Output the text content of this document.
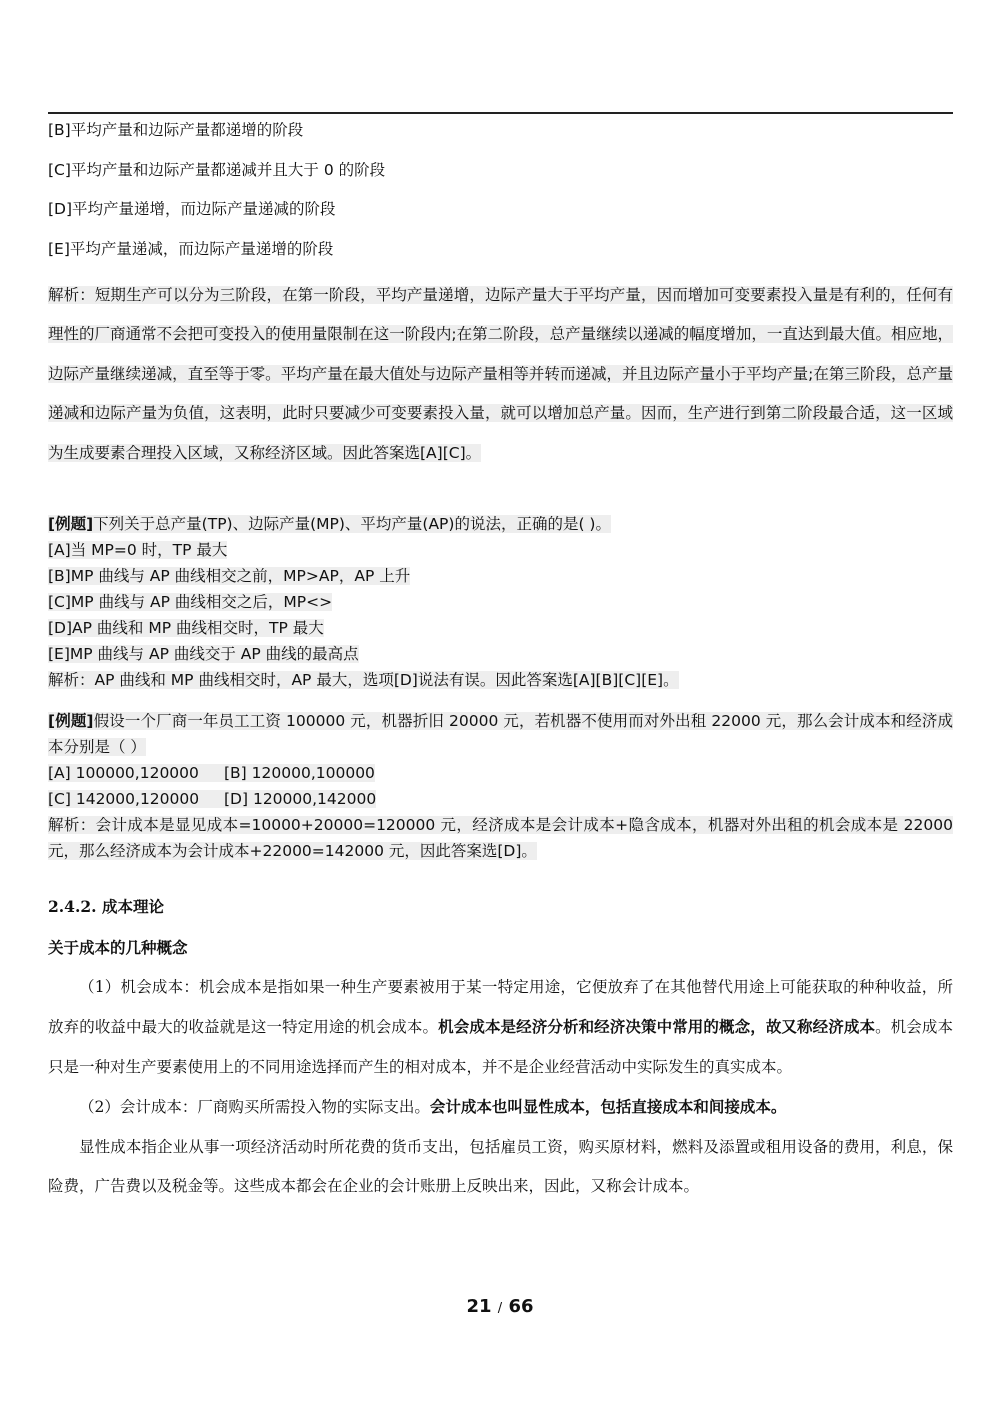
[B]平均产量和边际产量都递增的阶段
[C]平均产量和边际产量都递减并且大于 0 的阶段
[D]平均产量递增，而边际产量递减的阶段
[E]平均产量递减，而边际产量递增的阶段

解析：短期生产可以分为三阶段，在第一阶段，平均产量递增，边际产量大于平均产量，因而增加可变要素投入量是有利的，任何有理性的厂商通常不会把可变投入的使用量限制在这一阶段内;在第二阶段，总产量继续以递减的幅度增加，一直达到最大值。相应地，边际产量继续递减，直至等于零。平均产量在最大值处与边际产量相等并转而递减，并且边际产量小于平均产量;在第三阶段，总产量递减和边际产量为负值，这表明，此时只要减少可变要素投入量，就可以增加总产量。因而，生产进行到第二阶段最合适，这一区域为生成要素合理投入区域，又称经济区域。因此答案选[A][C]。

[例题]下列关于总产量(TP)、边际产量(MP)、平均产量(AP)的说法，正确的是( )。
[A]当 MP=0 时，TP 最大
[B]MP 曲线与 AP 曲线相交之前，MP>AP，AP 上升
[C]MP 曲线与 AP 曲线相交之后，MP<>
[D]AP 曲线和 MP 曲线相交时，TP 最大
[E]MP 曲线与 AP 曲线交于 AP 曲线的最高点
解析：AP 曲线和 MP 曲线相交时，AP 最大，选项[D]说法有误。因此答案选[A][B][C][E]。
[例题]假设一个厂商一年员工工资 100000 元，机器折旧 20000 元，若机器不使用而对外出租 22000 元，那么会计成本和经济成本分别是（ ）
[A] 100000,120000 [B] 120000,100000
[C] 142000,120000 [D] 120000,142000
解析：会计成本是显见成本=10000+20000=120000 元，经济成本是会计成本+隐含成本，机器对外出租的机会成本是 22000 元，那么经济成本为会计成本+22000=142000 元，因此答案选[D]。
2.4.2. 成本理论
关于成本的几种概念

（1）机会成本：机会成本是指如果一种生产要素被用于某一特定用途，它便放弃了在其他替代用途上可能获取的种种收益，所放弃的收益中最大的收益就是这一特定用途的机会成本。机会成本是经济分析和经济决策中常用的概念，故又称经济成本。机会成本只是一种对生产要素使用上的不同用途选择而产生的相对成本，并不是企业经营活动中实际发生的真实成本。

（2）会计成本：厂商购买所需投入物的实际支出。会计成本也叫显性成本，包括直接成本和间接成本。

显性成本指企业从事一项经济活动时所花费的货币支出，包括雇员工资，购买原材料，燃料及添置或租用设备的费用，利息，保险费，广告费以及税金等。这些成本都会在企业的会计账册上反映出来，因此，又称会计成本。

21 / 66
